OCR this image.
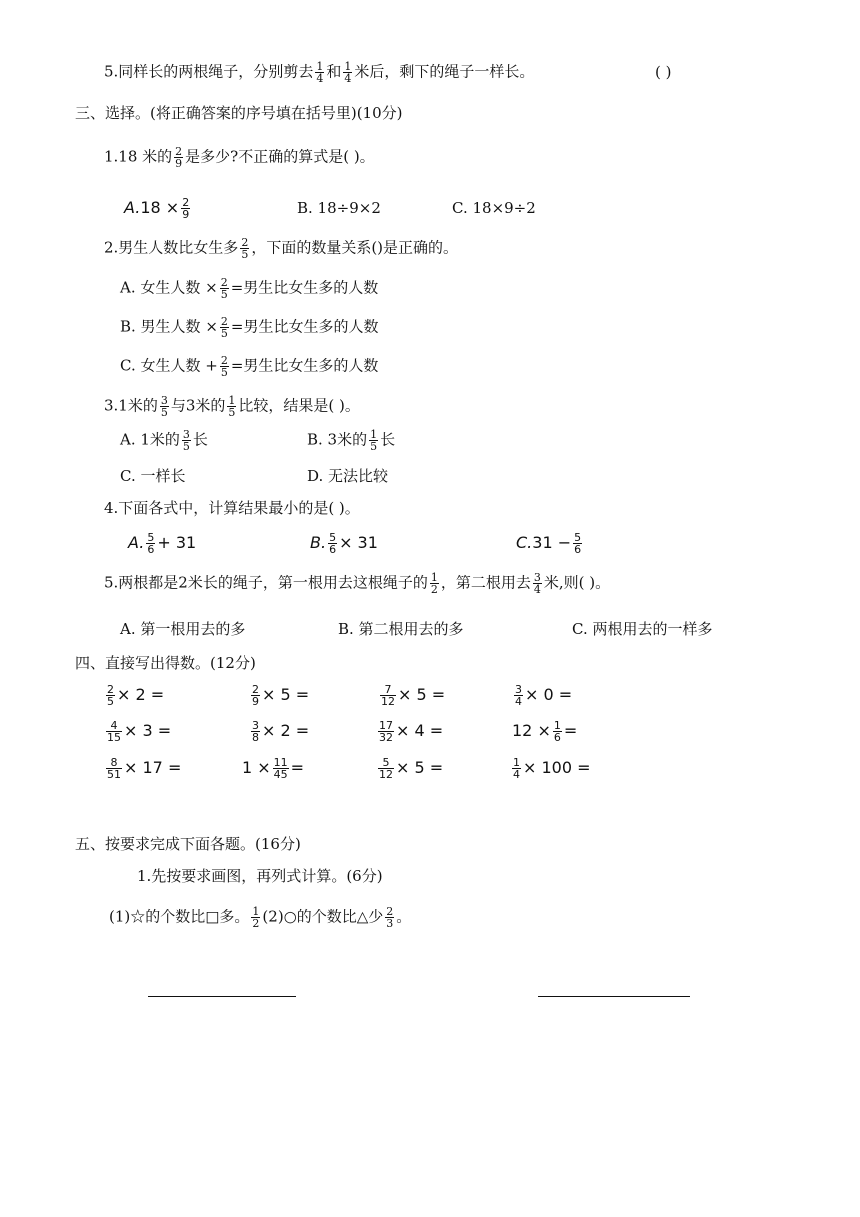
5.同样长的两根绳子，分别剪去 $\frac{1}{4}$ 和 $\frac{1}{4}$ 米后，剩下的绳子一样长。	( )
三、选择。(将正确答案的序号填在括号里)(10分)
1.18 米的 $\frac{2}{9}$ 是多少?不正确的算式是( )。
$A.18 \times \frac{2}{9}$	B. 18÷9×2	C. 18×9÷2
2.男生人数比女生多 $\frac{2}{5}$ ，下面的数量关系()是正确的。
A. 女生人数 × $\frac{2}{5}$ =男生比女生多的人数
B. 男生人数 × $\frac{2}{5}$ =男生比女生多的人数
C. 女生人数 + $\frac{2}{5}$ =男生比女生多的人数
3.1米的 $\frac{3}{5}$ 与3米的 $\frac{1}{5}$ 比较，结果是( )。
A. 1米的 $\frac{3}{5}$ 长	B. 3米的 $\frac{1}{5}$ 长
C. 一样长	D. 无法比较
4.下面各式中，计算结果最小的是( )。
A. $\frac{5}{6} + 31$	B. $\frac{5}{6} \times 31$	$C.31 - \frac{5}{6}$
5.两根都是2米长的绳子，第一根用去这根绳子的 $\frac{1}{2}$ ，第二根用去 $\frac{3}{4}$ 米,则( )。
A. 第一根用去的多	B. 第二根用去的多	C. 两根用去的一样多
四、直接写出得数。(12分)
$\frac{2}{5} \times 2$ =	$\frac{2}{9} \times 5$ =	$\frac{7}{12} \times 5$ =	$\frac{3}{4} \times 0$ =
$\frac{4}{15} \times 3$ =	$\frac{3}{8} \times 2$ =	$\frac{17}{32} \times 4$ =	$12 \times \frac{1}{6}$ =
$\frac{8}{51} \times 17$ =	$1 \times \frac{11}{45}$ =	$\frac{5}{12} \times 5$ =	$\frac{1}{4} \times 100$ =
五、按要求完成下面各题。(16分)
1.先按要求画图，再列式计算。(6分)
(1)☆的个数比□多。 $\frac{1}{2}$ (2)○的个数比△少 $\frac{2}{3}$ 。
